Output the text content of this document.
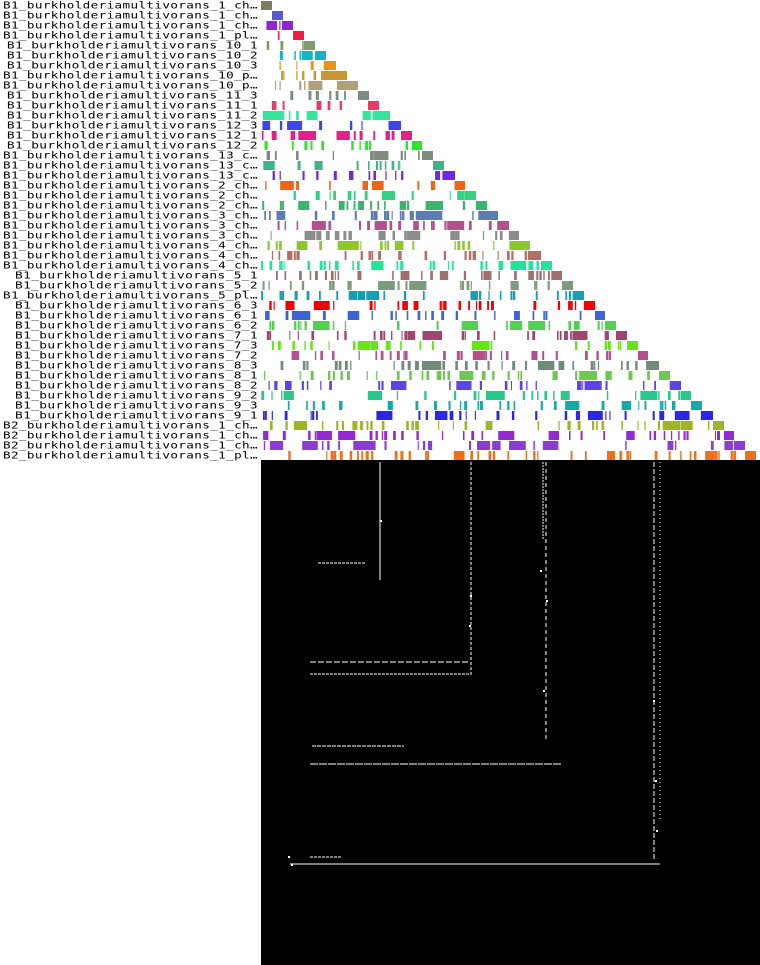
B1_burkholderiamultivorans_1_ch…
B1_burkholderiamultivorans_1_ch…
B1_burkholderiamultivorans_1_ch…
B1_burkholderiamultivorans_1_pl…
B1_burkholderiamultivorans_10_1
B1_burkholderiamultivorans_10_2
B1_burkholderiamultivorans_10_3
B1_burkholderiamultivorans_10_p…
B1_burkholderiamultivorans_10_p…
B1_burkholderiamultivorans_11_3
B1_burkholderiamultivorans_11_1
B1_burkholderiamultivorans_11_2
B1_burkholderiamultivorans_12_3
B1_burkholderiamultivorans_12_1
B1_burkholderiamultivorans_12_2
B1_burkholderiamultivorans_13_c…
B1_burkholderiamultivorans_13_c…
B1_burkholderiamultivorans_13_c…
B1_burkholderiamultivorans_2_ch…
B1_burkholderiamultivorans_2_ch…
B1_burkholderiamultivorans_2_ch…
B1_burkholderiamultivorans_3_ch…
B1_burkholderiamultivorans_3_ch…
B1_burkholderiamultivorans_3_ch…
B1_burkholderiamultivorans_4_ch…
B1_burkholderiamultivorans_4_ch…
B1_burkholderiamultivorans_4_ch…
B1_burkholderiamultivorans_5_1
B1_burkholderiamultivorans_5_2
B1_burkholderiamultivorans_5_pl…
B1_burkholderiamultivorans_6_3
B1_burkholderiamultivorans_6_1
B1_burkholderiamultivorans_6_2
B1_burkholderiamultivorans_7_1
B1_burkholderiamultivorans_7_3
B1_burkholderiamultivorans_7_2
B1_burkholderiamultivorans_8_3
B1_burkholderiamultivorans_8_1
B1_burkholderiamultivorans_8_2
B1_burkholderiamultivorans_9_2
B1_burkholderiamultivorans_9_3
B1_burkholderiamultivorans_9_1
B2_burkholderiamultivorans_1_ch…
B2_burkholderiamultivorans_1_ch…
B2_burkholderiamultivorans_1_ch…
B2_burkholderiamultivorans_1_pl…
